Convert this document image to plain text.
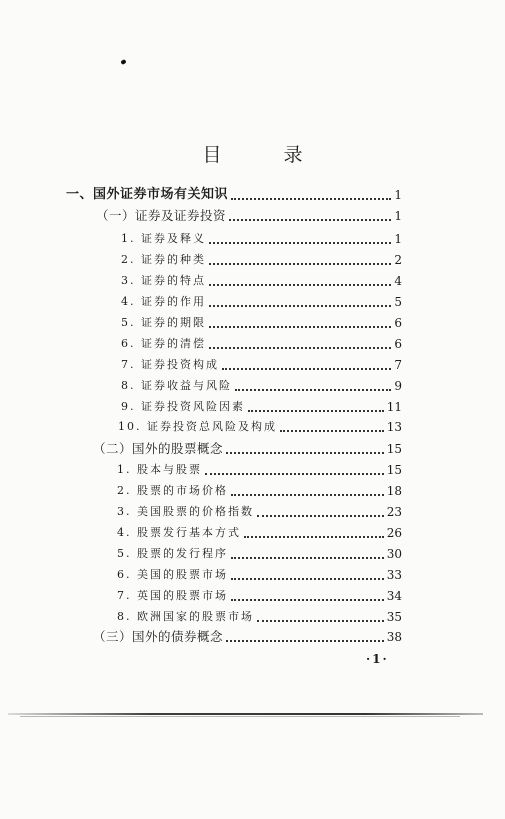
目 录
一、国外证券市场有关知识	1
（一）证券及证券投资	1
1. 证券及释义	1
2. 证券的种类	2
3. 证券的特点	4
4. 证券的作用	5
5. 证券的期限	6
6. 证券的清偿	6
7. 证券投资构成	7
8. 证券收益与风险	9
9. 证券投资风险因素	11
10. 证券投资总风险及构成	13
（二）国外的股票概念	15
1. 股本与股票	15
2. 股票的市场价格	18
3. 美国股票的价格指数	23
4. 股票发行基本方式	26
5. 股票的发行程序	30
6. 美国的股票市场	33
7. 英国的股票市场	34
8. 欧洲国家的股票市场	35
（三）国外的债券概念	38
·1·
